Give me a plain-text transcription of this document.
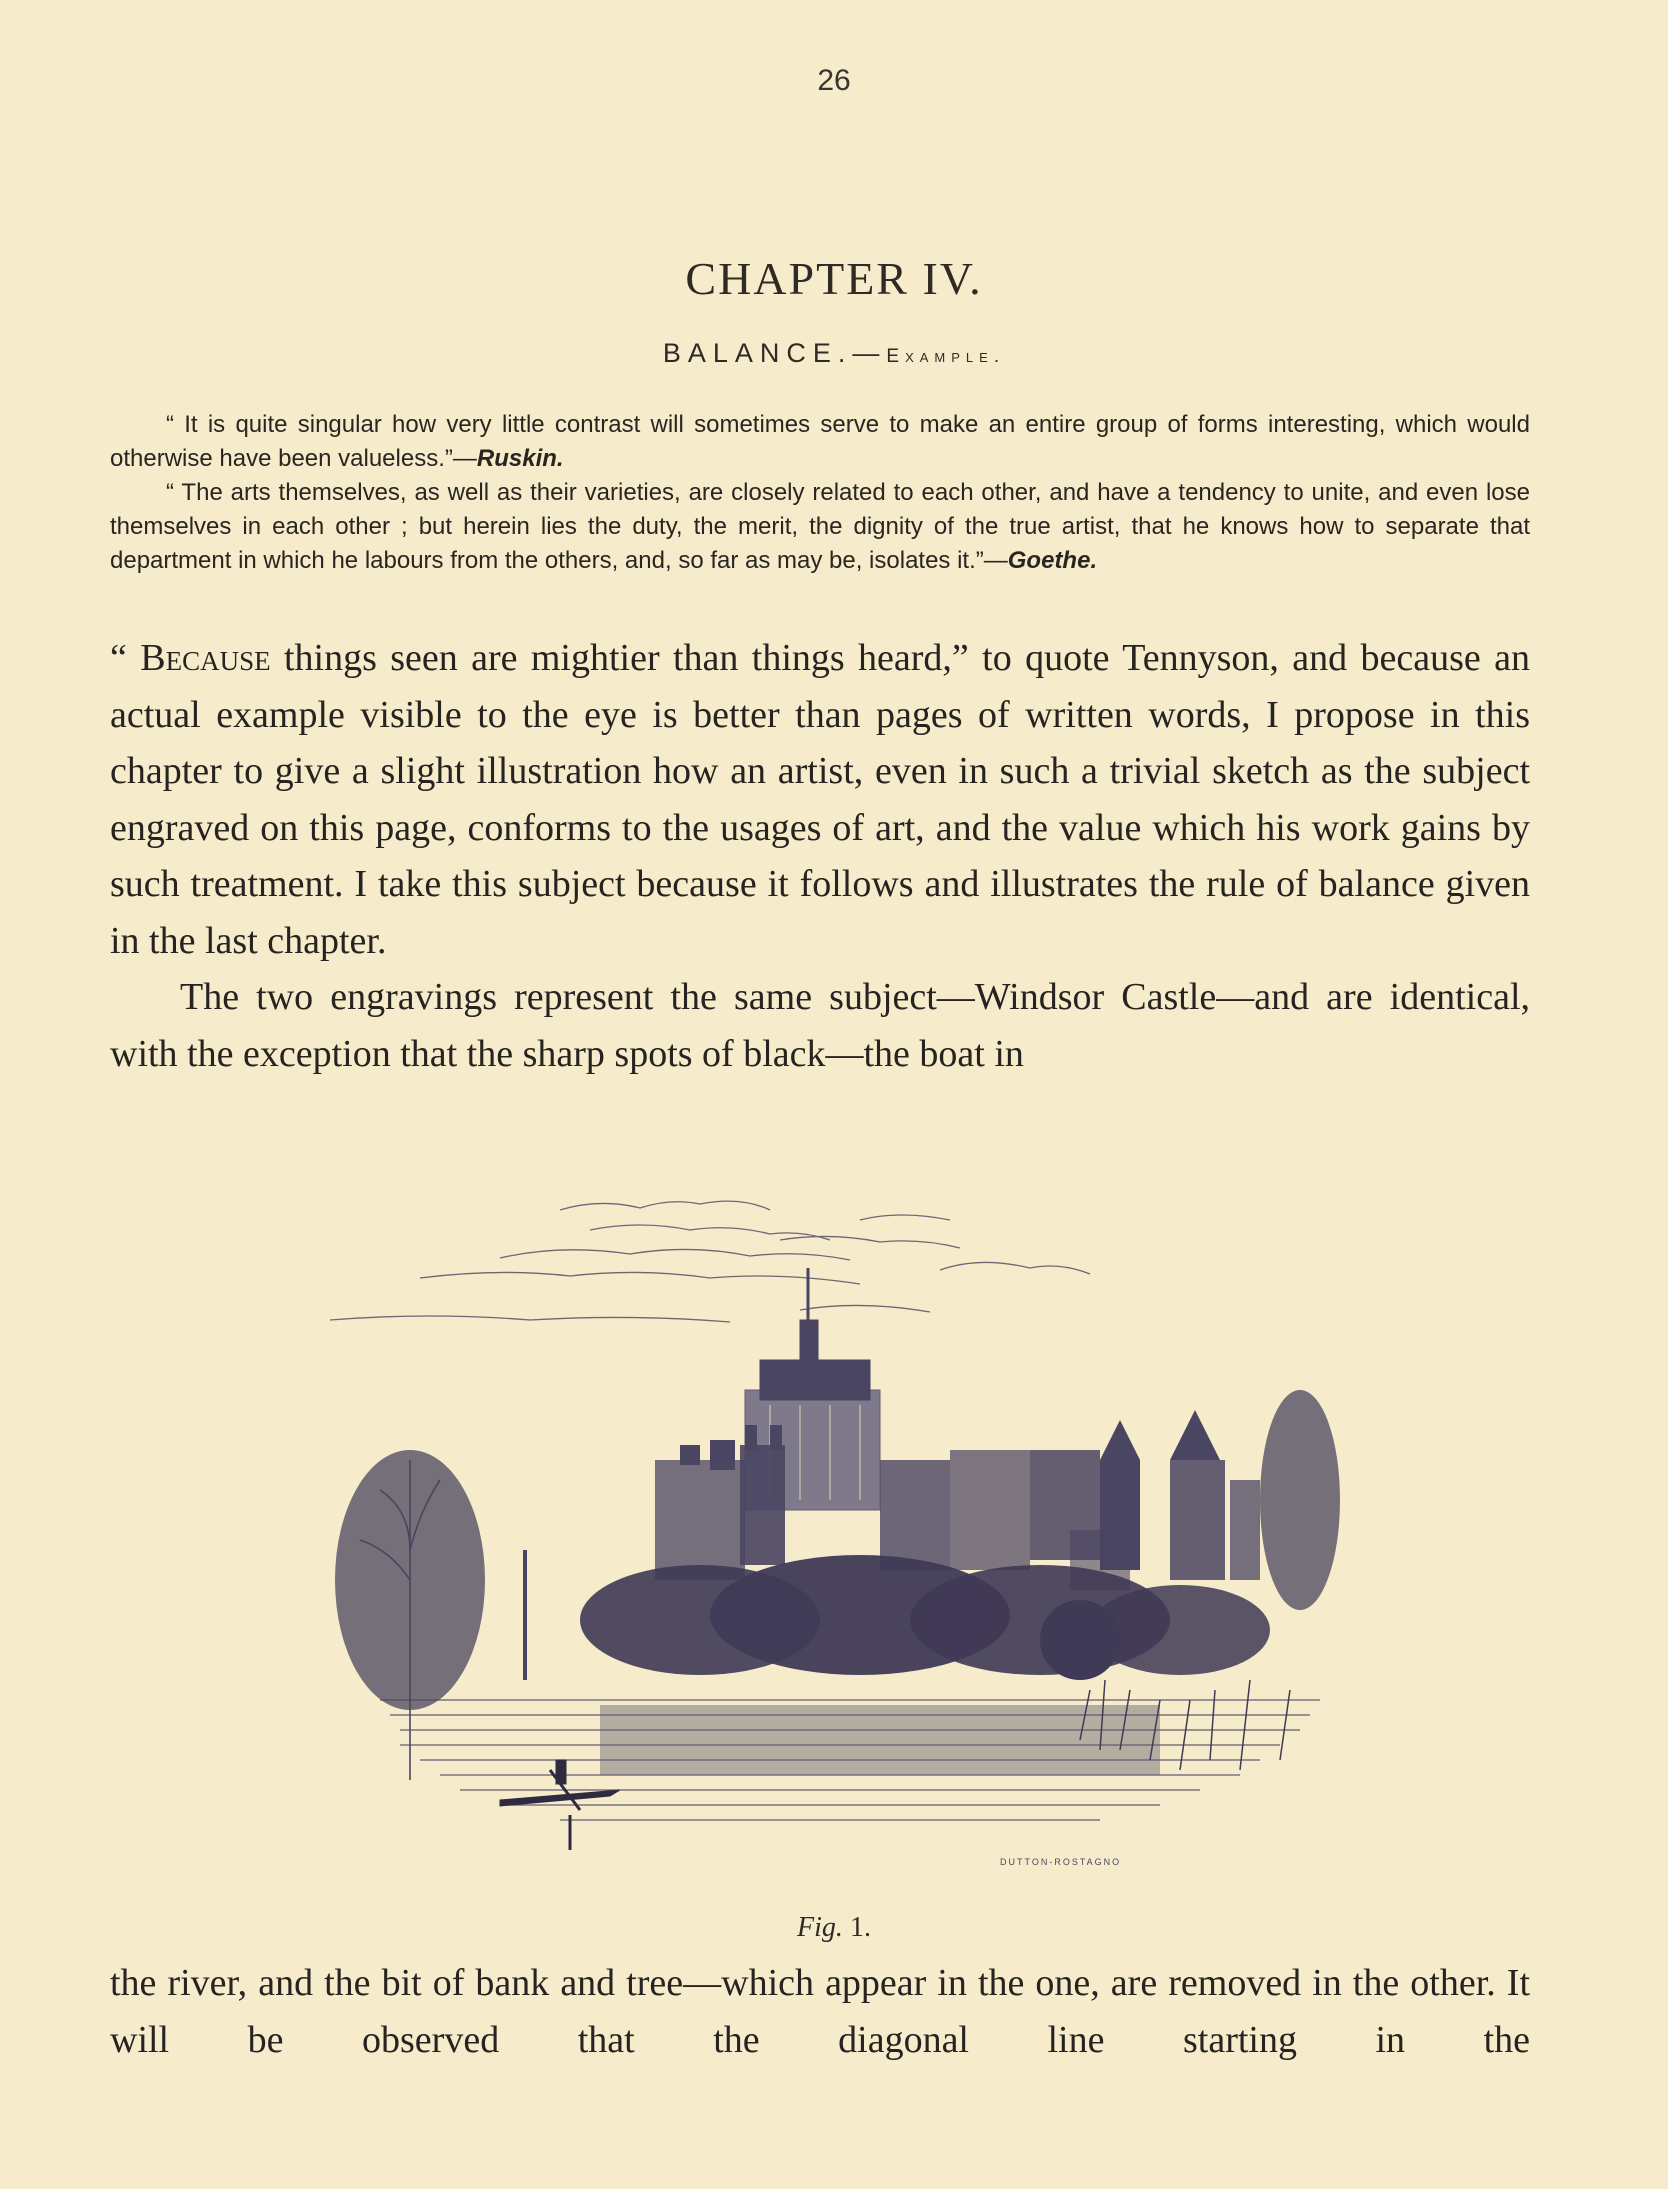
26
CHAPTER IV.
BALANCE.—Example.

“ It is quite singular how very little contrast will sometimes serve to make an entire group of forms interesting, which would otherwise have been valueless.”—Ruskin.

“ The arts themselves, as well as their varieties, are closely related to each other, and have a tendency to unite, and even lose themselves in each other ; but herein lies the duty, the merit, the dignity of the true artist, that he knows how to separate that department in which he labours from the others, and, so far as may be, isolates it.”—Goethe.

“ Because things seen are mightier than things heard,” to quote Tennyson, and because an actual example visible to the eye is better than pages of written words, I propose in this chapter to give a slight illustration how an artist, even in such a trivial sketch as the subject engraved on this page, conforms to the usages of art, and the value which his work gains by such treatment. I take this subject because it follows and illustrates the rule of balance given in the last chapter.

The two engravings represent the same subject—Windsor Castle—and are identical, with the exception that the sharp spots of black—the boat in

DUTTON-ROSTAGNO
Fig. 1.

the river, and the bit of bank and tree—which appear in the one, are removed in the other. It will be observed that the diagonal line starting in the
